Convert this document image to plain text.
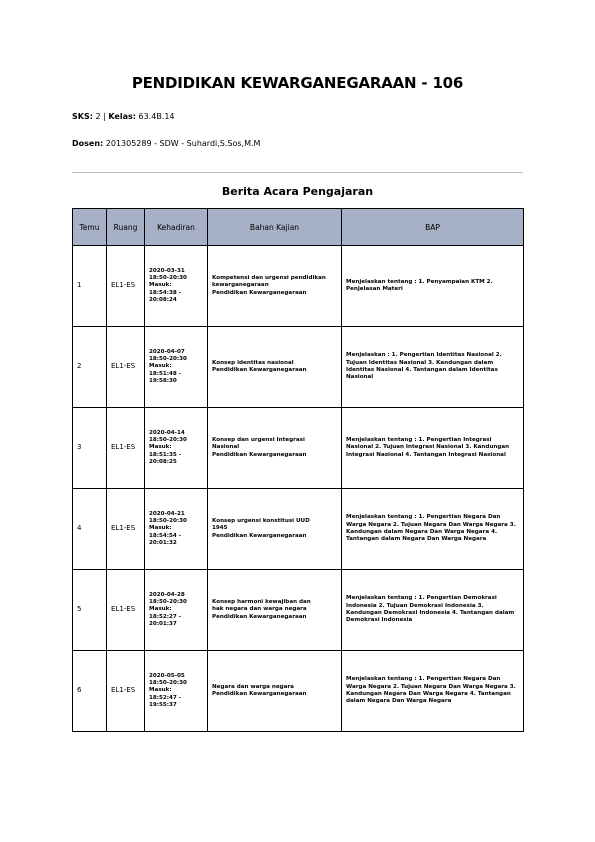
PENDIDIKAN KEWARGANEGARAAN - 106
SKS: 2 | Kelas: 63.4B.14
Dosen: 201305289 - SDW - Suhardi,S.Sos,M.M
Berita Acara Pengajaran
Temu	Ruang	Kehadiran	Bahan Kajian	BAP
1	EL1-ES	2020-03-31
18:50-20:30
Masuk:
18:54:38 -
20:08:24	Kompetensi dan urgensi pendidikan
kewarganegaraan
Pendidikan Kewarganegaraan	Menjelaskan tentang : 1. Penyampaian KTM 2. Penjelasan Materi
2	EL1-ES	2020-04-07
18:50-20:30
Masuk:
18:51:48 -
19:58:30	Konsep identitas nasional
Pendidikan Kewarganegaraan	Menjelaskan : 1. Pengertian Identitas Nasional 2. Tujuan Identitas Nasional 3. Kandungan dalam Identitas Nasional 4. Tantangan dalam Identitas Nasional
3	EL1-ES	2020-04-14
18:50-20:30
Masuk:
18:51:35 -
20:08:25	Konsep dan urgensi Integrasi
Nasional
Pendidikan Kewarganegaraan	Menjelaskan tentang : 1. Pengertian Integrasi Nasional 2. Tujuan Integrasi Nasional 3. Kandungan Integrasi Nasional 4. Tantangan Integrasi Nasional
4	EL1-ES	2020-04-21
18:50-20:30
Masuk:
18:54:54 -
20:01:32	Konsep urgensi konstitusi UUD
1945
Pendidikan Kewarganegaraan	Menjelaskan tentang : 1. Pengertian Negara Dan Warga Negara 2. Tujuan Negara Dan Warga Negara 3. Kandungan dalam Negara Dan Warga Negara 4. Tantangan dalam Negara Dan Warga Negara
5	EL1-ES	2020-04-28
18:50-20:30
Masuk:
18:52:27 -
20:01:37	Konsep harmoni kewajiban dan
hak negara dan warga negara
Pendidikan Kewarganegaraan	Menjelaskan tentang : 1. Pengertian Demokrasi Indonesia 2. Tujuan Demokrasi Indonesia 3. Kandungan Demokrasi Indonesia 4. Tantangan dalam Demokrasi Indonesia
6	EL1-ES	2020-05-05
18:50-20:30
Masuk:
18:52:47 -
19:55:37	Negara dan warga negara
Pendidikan Kewarganegaraan	Menjelaskan tentang : 1. Pengertian Negara Dan Warga Negara 2. Tujuan Negara Dan Warga Negara 3. Kandungan Negara Dan Warga Negara 4. Tantangan dalam Negara Dan Warga Negara
